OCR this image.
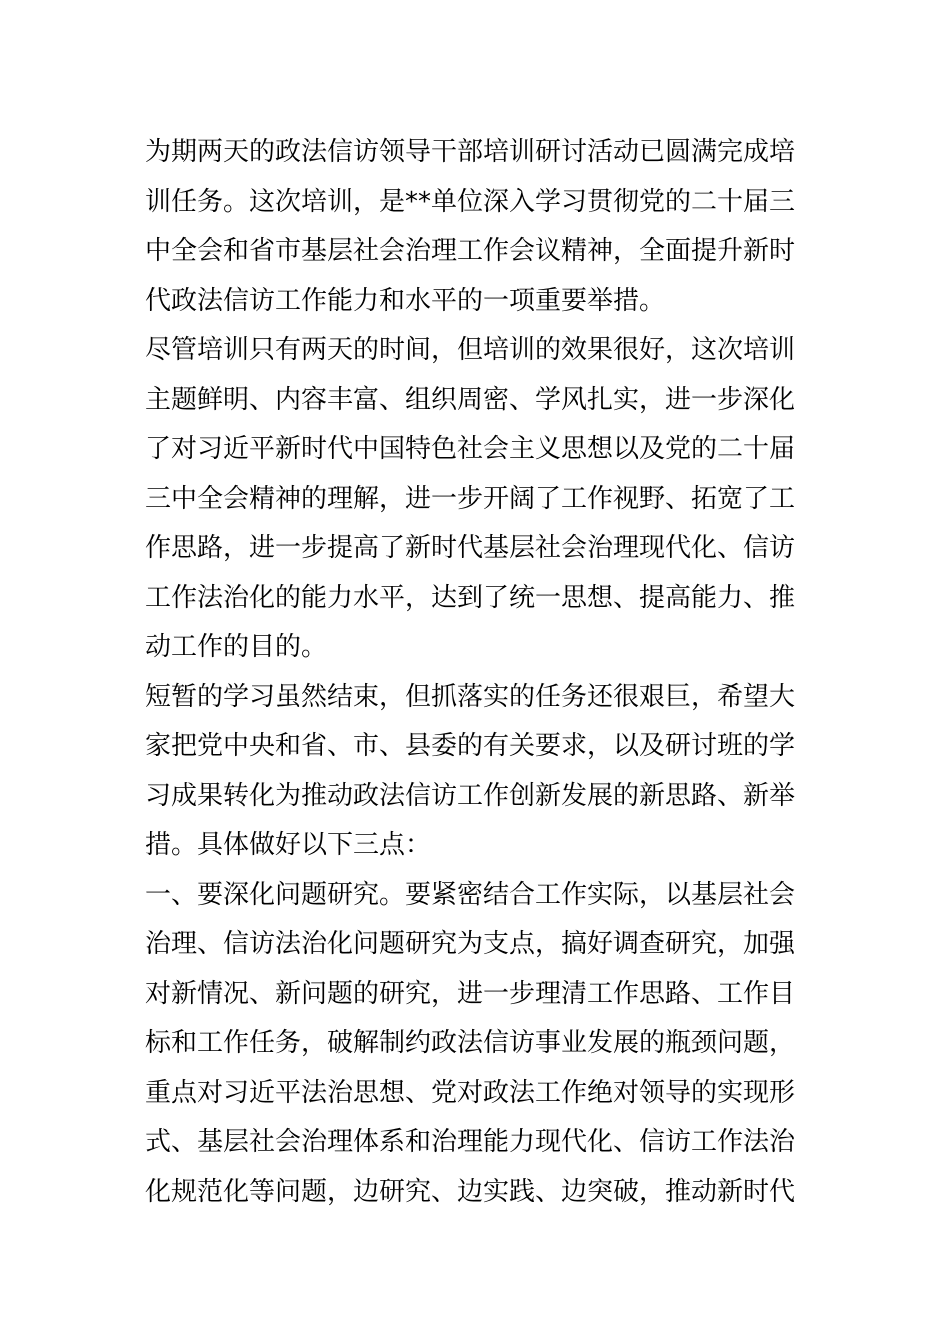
为期两天的政法信访领导干部培训研讨活动已圆满完成培
训任务。这次培训，是**单位深入学习贯彻党的二十届三
中全会和省市基层社会治理工作会议精神，全面提升新时
代政法信访工作能力和水平的一项重要举措。
尽管培训只有两天的时间，但培训的效果很好，这次培训
主题鲜明、内容丰富、组织周密、学风扎实，进一步深化
了对习近平新时代中国特色社会主义思想以及党的二十届
三中全会精神的理解，进一步开阔了工作视野、拓宽了工
作思路，进一步提高了新时代基层社会治理现代化、信访
工作法治化的能力水平，达到了统一思想、提高能力、推
动工作的目的。
短暂的学习虽然结束，但抓落实的任务还很艰巨，希望大
家把党中央和省、市、县委的有关要求，以及研讨班的学
习成果转化为推动政法信访工作创新发展的新思路、新举
措。具体做好以下三点：
一、要深化问题研究。要紧密结合工作实际，以基层社会
治理、信访法治化问题研究为支点，搞好调查研究，加强
对新情况、新问题的研究，进一步理清工作思路、工作目
标和工作任务，破解制约政法信访事业发展的瓶颈问题，
重点对习近平法治思想、党对政法工作绝对领导的实现形
式、基层社会治理体系和治理能力现代化、信访工作法治
化规范化等问题，边研究、边实践、边突破，推动新时代
